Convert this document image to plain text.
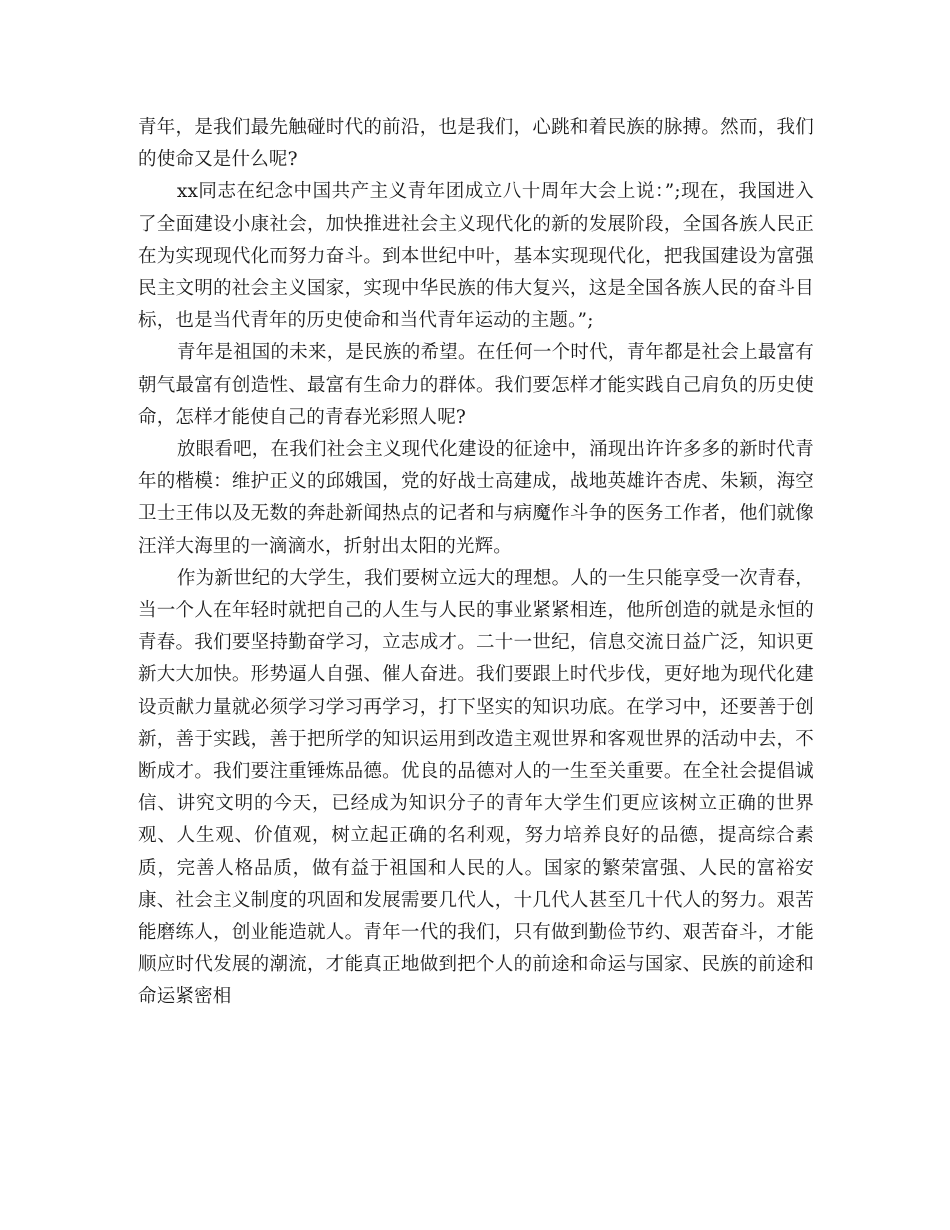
青年，是我们最先触碰时代的前沿，也是我们，心跳和着民族的脉搏。然而，我们的使命又是什么呢?

xx同志在纪念中国共产主义青年团成立八十周年大会上说：”;现在，我国进入了全面建设小康社会，加快推进社会主义现代化的新的发展阶段，全国各族人民正在为实现现代化而努力奋斗。到本世纪中叶，基本实现现代化，把我国建设为富强民主文明的社会主义国家，实现中华民族的伟大复兴，这是全国各族人民的奋斗目标，也是当代青年的历史使命和当代青年运动的主题。”;

青年是祖国的未来，是民族的希望。在任何一个时代，青年都是社会上最富有朝气最富有创造性、最富有生命力的群体。我们要怎样才能实践自己肩负的历史使命，怎样才能使自己的青春光彩照人呢?

放眼看吧，在我们社会主义现代化建设的征途中，涌现出许许多多的新时代青年的楷模：维护正义的邱娥国，党的好战士高建成，战地英雄许杏虎、朱颖，海空卫士王伟以及无数的奔赴新闻热点的记者和与病魔作斗争的医务工作者，他们就像汪洋大海里的一滴滴水，折射出太阳的光辉。

作为新世纪的大学生，我们要树立远大的理想。人的一生只能享受一次青春，当一个人在年轻时就把自己的人生与人民的事业紧紧相连，他所创造的就是永恒的青春。我们要坚持勤奋学习，立志成才。二十一世纪，信息交流日益广泛，知识更新大大加快。形势逼人自强、催人奋进。我们要跟上时代步伐，更好地为现代化建设贡献力量就必须学习学习再学习，打下坚实的知识功底。在学习中，还要善于创新，善于实践，善于把所学的知识运用到改造主观世界和客观世界的活动中去，不断成才。我们要注重锤炼品德。优良的品德对人的一生至关重要。在全社会提倡诚信、讲究文明的今天，已经成为知识分子的青年大学生们更应该树立正确的世界观、人生观、价值观，树立起正确的名利观，努力培养良好的品德，提高综合素质，完善人格品质，做有益于祖国和人民的人。国家的繁荣富强、人民的富裕安康、社会主义制度的巩固和发展需要几代人，十几代人甚至几十代人的努力。艰苦能磨练人，创业能造就人。青年一代的我们，只有做到勤俭节约、艰苦奋斗，才能顺应时代发展的潮流，才能真正地做到把个人的前途和命运与国家、民族的前途和命运紧密相
